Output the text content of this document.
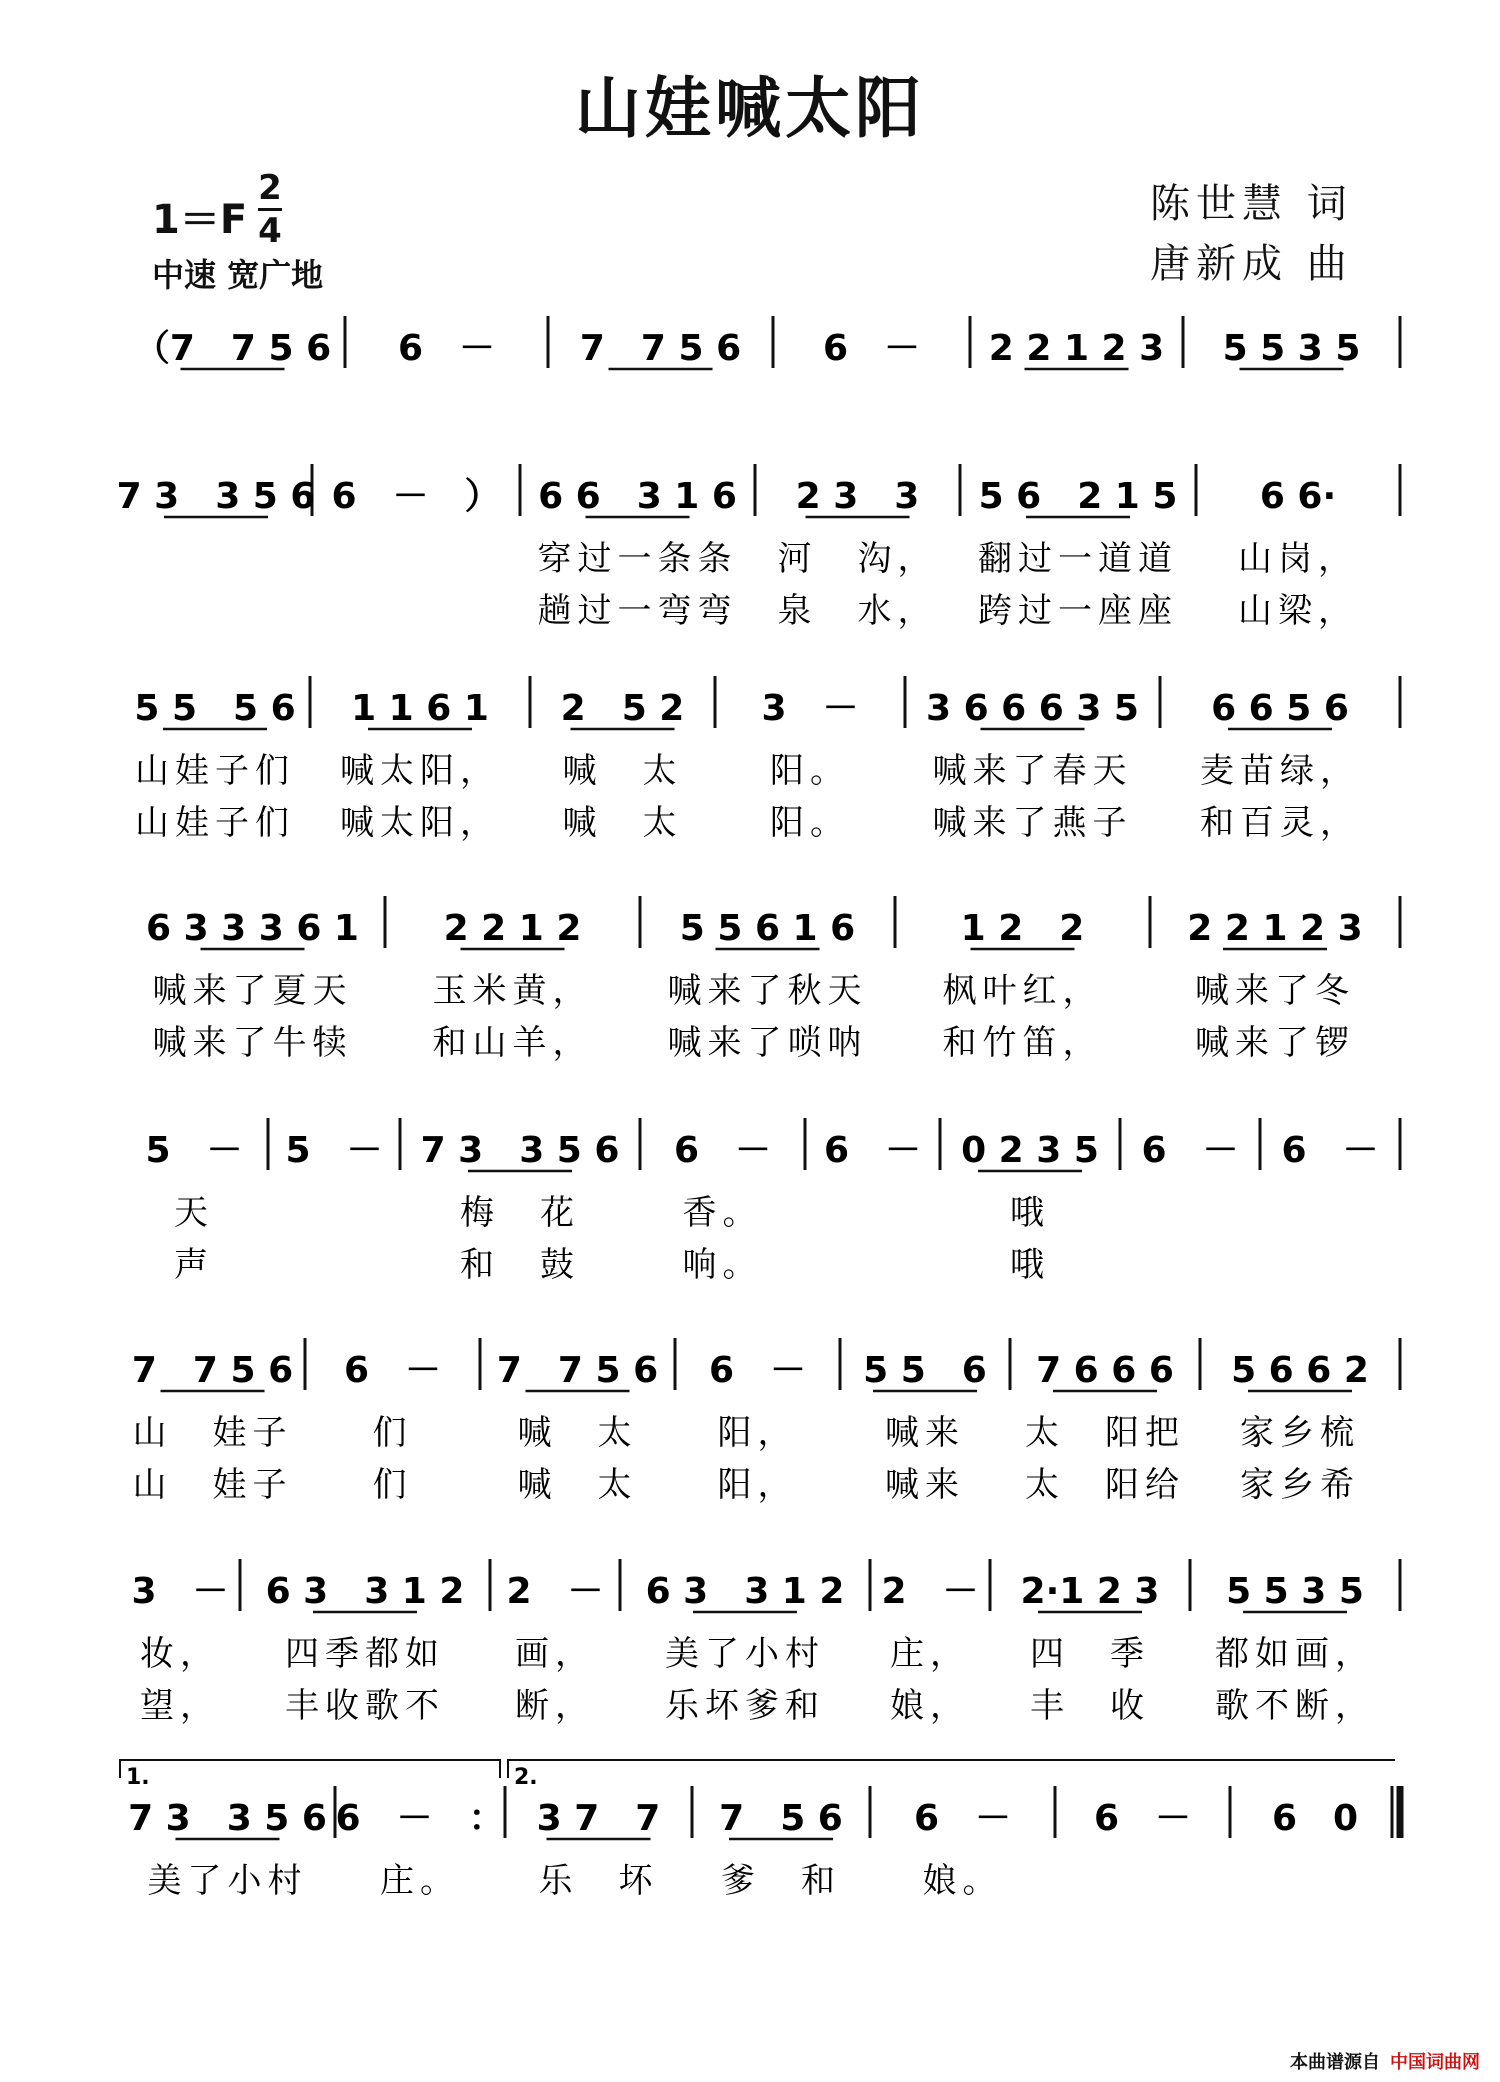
山娃喊太阳
1＝F
2
4
中速 宽广地
陈世慧 词
唐新成 曲
（7　7 5 6 6　－ 7　7 5 6 6　－ 2 2 1 2 3 5 5 3 5
7 3　3 5 6 6　－　） 6 6　3 1 6 2 3　3 5 6　2 1 5 6 6·
穿过一条条 河　沟， 翻过一道道 山岗，
趟过一弯弯 泉　水， 跨过一座座 山梁，
5 5　5 6 1 1 6 1 2　5 2 3　－ 3 6 6 6 3 5 6 6 5 6
山娃子们 喊太阳， 喊　太	阳。 喊来了春天 麦苗绿，
山娃子们 喊太阳， 喊　太	阳。 喊来了燕子 和百灵，
6 3 3 3 6 1 2 2 1 2	5 5 6 1 6	1 2　2	2 2 1 2 3
喊来了夏天 玉米黄， 喊来了秋天 枫叶红，	喊来了冬
喊来了牛犊 和山羊， 喊来了唢呐 和竹笛，	喊来了锣
5　－ 5　－ 7 3　3 5 6 6　－ 6　－ 0 2 3 5 6　－ 6　－
天	梅　花	香。	哦
声	和　鼓	响。	哦
7　7 5 6 6　－ 7　7 5 6 6　－ 5 5　6 7 6 6 6 5 6 6 2
山　娃子 们	喊　太 阳，	喊来 太　阳把 家乡梳
山　娃子 们	喊　太 阳，	喊来 太　阳给 家乡希
3　－ 6 3　3 1 2 2　－ 6 3　3 1 2 2　－ 2·1 2 3 5 5 3 5
妆， 四季都如 画， 美了小村 庄， 四　季 都如画，
望， 丰收歌不 断， 乐坏爹和 娘， 丰　收 歌不断，
7 3　3 5 6 6　－　： 3 7　7 7　5 6 6　－ 6　－ 6　0
美了小村 庄。 乐　坏 爹　和 娘。
1.	2.
本曲谱源自 中国词曲网
